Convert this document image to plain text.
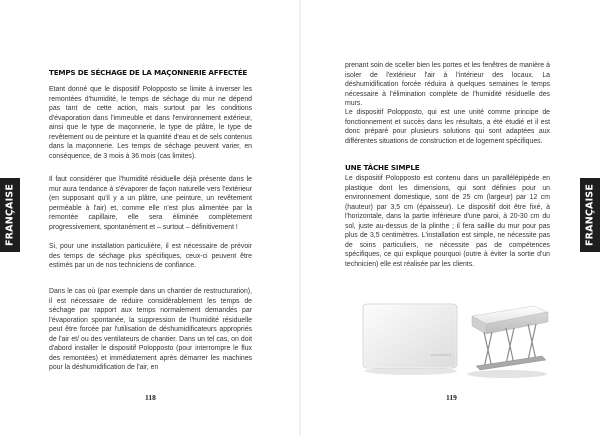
FRANÇAISE
TEMPS DE SÉCHAGE DE LA MAÇONNERIE AFFECTÉE

Etant donné que le dispositif Polopposto se limite à inverser les remontées d'humidité, le temps de séchage du mur ne dépend pas tant de cette action, mais surtout par les conditions d'évaporation dans l'immeuble et dans l'environnement extérieur, ainsi que le type de maçonnerie, le type de plâtre, le type de revêtement ou de peinture et la quantité d'eau et de sels contenus dans la maçonnerie. Les temps de séchage peuvent varier, en conséquence, de 3 mois à 36 mois (cas limites).

Il faut considérer que l'humidité résiduelle déjà présente dans le mur aura tendance à s'évaporer de façon naturelle vers l'extérieur (en supposant qu'il y a un plâtre, une peinture, un revêtement perméable à l'air) et, comme elle n'est plus alimentée par la remontée capillaire, elle sera éliminée complètement progressivement, spontanément et – surtout – définitivement !

Si, pour une installation particulière, il est nécessaire de prévoir des temps de séchage plus spécifiques, ceux-ci peuvent être estimés par un de nos techniciens de confiance.

Dans le cas où (par exemple dans un chantier de restructuration), il est nécessaire de réduire considérablement les temps de séchage par rapport aux temps normalement demandés par l'évaporation spontanée, la suppression de l'humidité résiduelle peut être forcée par l'utilisation de déshumidificateurs appropriés de l'air et/ ou des ventilateurs de chantier. Dans un tel cas, on doit d'abord installer le dispositif Polopposto (pour interrompre le flux des remontées) et immédiatement après démarrer les machines pour la déshumidification de l'air, en

118

prenant soin de sceller bien les portes et les fenêtres de manière à isoler de l'extérieur l'air à l'intérieur des locaux. La déshumidification forcée réduira à quelques semaines le temps nécessaire à l'élimination complète de l'humidité résiduelle des murs.

Le dispositif Polopposto, qui est une unité comme principe de fonctionnement et succès dans les résultats, a été étudié et il est donc préparé pour plusieurs solutions qui sont adaptées aux différentes situations de construction et de logement spécifiques.

UNE TÂCHE SIMPLE

Le dispositif Polopposto est contenu dans un parallélépipède en plastique dont les dimensions, qui sont définies pour un environnement domestique, sont de 25 cm (largeur) par 12 cm (hauteur) par 3,5 cm (épaisseur). Le dispositif doit être fixé, à l'horizontale, dans la partie inférieure d'une paroi, à 20-30 cm du sol, juste au-dessus de la plinthe ; il fera saillie du mur pour pas plus de 3,5 centimètres. L'installation est simple, ne nécessite pas de soins particuliers, ne nécessite pas de compétences spécifiques, ce qui explique pourquoi (outre à éviter la sortie d'un technicien) elle est réalisée par les clients.

FRANÇAISE
POLOPPOSTO
119
